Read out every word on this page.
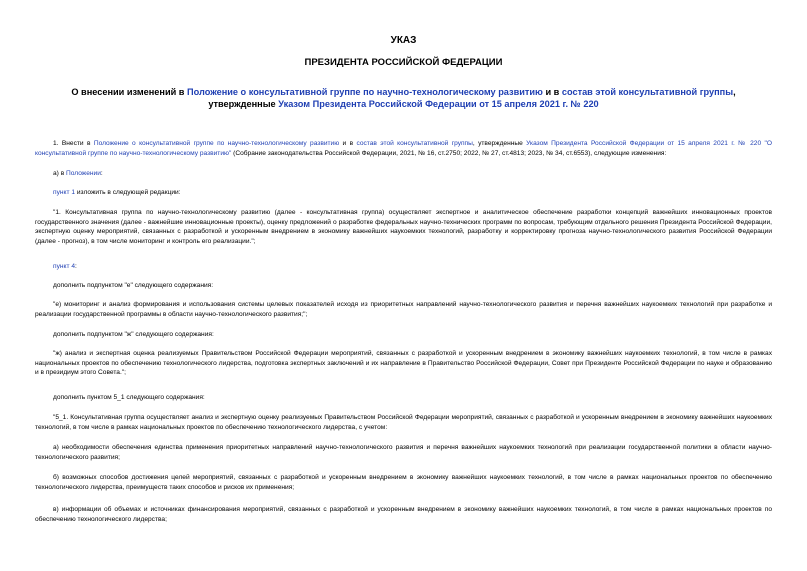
УКАЗ
ПРЕЗИДЕНТА РОССИЙСКОЙ ФЕДЕРАЦИИ
О внесении изменений в Положение о консультативной группе по научно-технологическому развитию и в состав этой консультативной группы, утвержденные Указом Президента Российской Федерации от 15 апреля 2021 г. № 220
1. Внести в Положение о консультативной группе по научно-технологическому развитию и в состав этой консультативной группы, утвержденные Указом Президента Российской Федерации от 15 апреля 2021 г. № 220 "О консультативной группе по научно-технологическому развитию" (Собрание законодательства Российской Федерации, 2021, № 16, ст.2750; 2022, № 27, ст.4813; 2023, № 34, ст.6553), следующие изменения:
а) в Положении:
пункт 1 изложить в следующей редакции:
"1. Консультативная группа по научно-технологическому развитию (далее - консультативная группа) осуществляет экспертное и аналитическое обеспечение разработки концепций важнейших инновационных проектов государственного значения (далее - важнейшие инновационные проекты), оценку предложений о разработке федеральных научно-технических программ по вопросам, требующим отдельного решения Президента Российской Федерации, экспертную оценку мероприятий, связанных с разработкой и ускоренным внедрением в экономику важнейших наукоемких технологий, разработку и корректировку прогноза научно-технологического развития Российской Федерации (далее - прогноз), в том числе мониторинг и контроль его реализации.";
пункт 4:
дополнить подпунктом "е" следующего содержания:
"е) мониторинг и анализ формирования и использования системы целевых показателей исходя из приоритетных направлений научно-технологического развития и перечня важнейших наукоемких технологий при разработке и реализации государственной программы в области научно-технологического развития;";
дополнить подпунктом "ж" следующего содержания:
"ж) анализ и экспертная оценка реализуемых Правительством Российской Федерации мероприятий, связанных с разработкой и ускоренным внедрением в экономику важнейших наукоемких технологий, в том числе в рамках национальных проектов по обеспечению технологического лидерства, подготовка экспертных заключений и их направление в Правительство Российской Федерации, Совет при Президенте Российской Федерации по науке и образованию и в президиум этого Совета.";
дополнить пунктом 5_1 следующего содержания:
"5_1. Консультативная группа осуществляет анализ и экспертную оценку реализуемых Правительством Российской Федерации мероприятий, связанных с разработкой и ускоренным внедрением в экономику важнейших наукоемких технологий, в том числе в рамках национальных проектов по обеспечению технологического лидерства, с учетом:
а) необходимости обеспечения единства применения приоритетных направлений научно-технологического развития и перечня важнейших наукоемких технологий при реализации государственной политики в области научно-технологического развития;
б) возможных способов достижения целей мероприятий, связанных с разработкой и ускоренным внедрением в экономику важнейших наукоемких технологий, в том числе в рамках национальных проектов по обеспечению технологического лидерства, преимуществ таких способов и рисков их применения;
в) информации об объемах и источниках финансирования мероприятий, связанных с разработкой и ускоренным внедрением в экономику важнейших наукоемких технологий, в том числе в рамках национальных проектов по обеспечению технологического лидерства;
